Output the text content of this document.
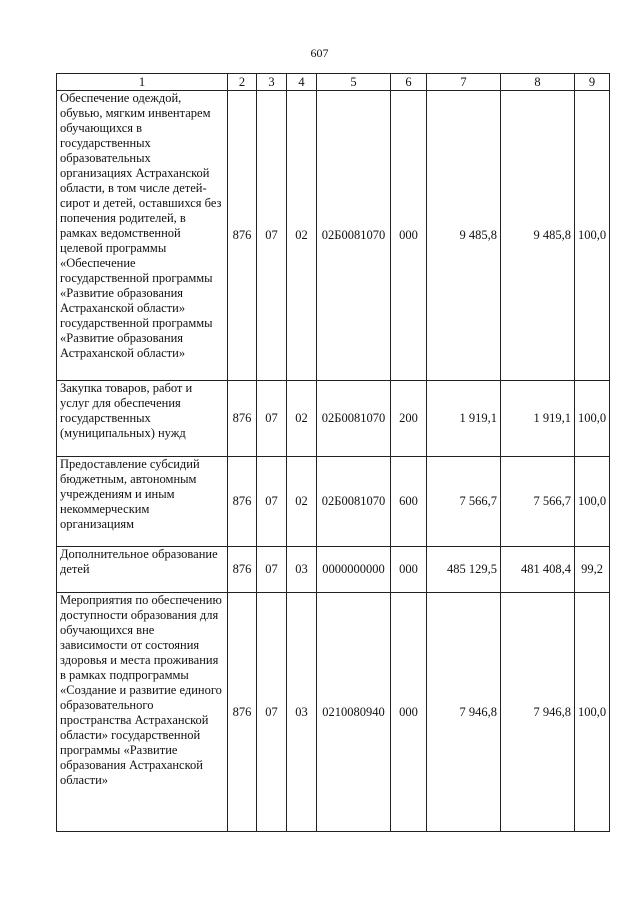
607
1	2	3	4	5	6	7	8	9
Обеспечение одеждой, обувью, мягким инвентарем обучающихся в государственных образовательных организациях Астраханской области, в том числе детей-сирот и детей, оставшихся без попечения родителей, в рамках ведомственной целевой программы «Обеспечение государственной программы «Развитие образования Астраханской области» государственной программы «Развитие образования Астраханской области»	876	07	02	02Б0081070	000	9 485,8	9 485,8	100,0
Закупка товаров, работ и услуг для обеспечения государственных (муниципальных) нужд	876	07	02	02Б0081070	200	1 919,1	1 919,1	100,0
Предоставление субсидий бюджетным, автономным учреждениям и иным некоммерческим организациям	876	07	02	02Б0081070	600	7 566,7	7 566,7	100,0
Дополнительное образование детей	876	07	03	0000000000	000	485 129,5	481 408,4	99,2
Мероприятия по обеспечению доступности образования для обучающихся вне зависимости от состояния здоровья и места проживания в рамках подпрограммы «Создание и развитие единого образовательного пространства Астраханской области» государственной программы «Развитие образования Астраханской области»	876	07	03	0210080940	000	7 946,8	7 946,8	100,0
